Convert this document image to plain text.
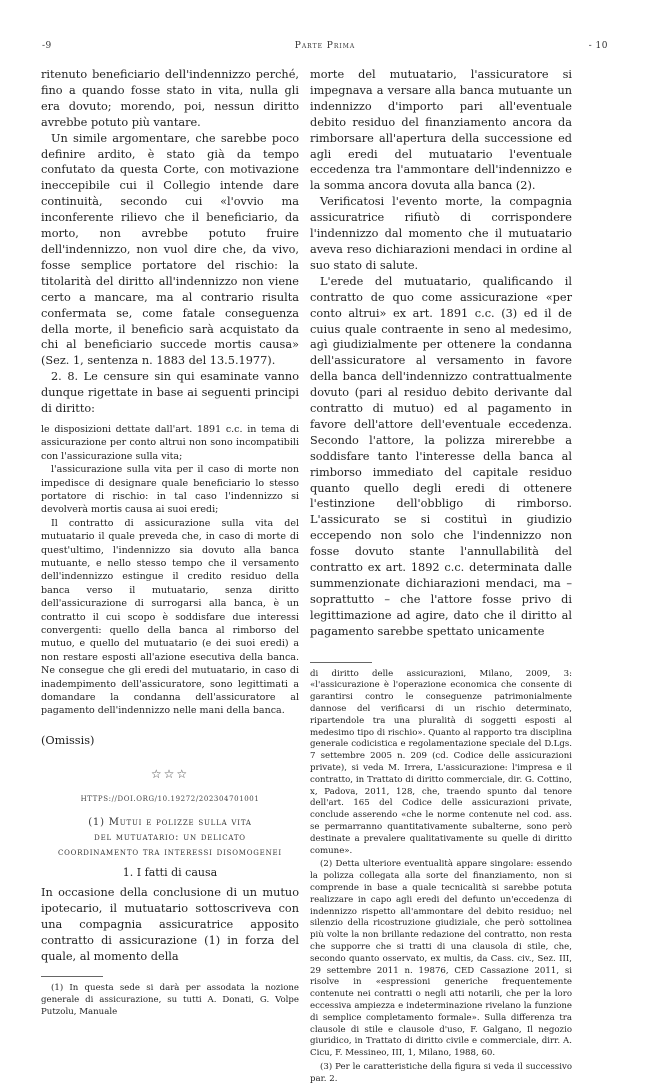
-9	Parte Prima	- 10

ritenuto beneficiario dell'indennizzo perché, fino a quando fosse stato in vita, nulla gli era dovuto; morendo, poi, nessun diritto avrebbe potuto più vantare.

Un simile argomentare, che sarebbe poco definire ardito, è stato già da tempo confutato da questa Corte, con motivazione ineccepibile cui il Collegio intende dare continuità, secondo cui «l'ovvio ma inconferente rilievo che il beneficiario, da morto, non avrebbe potuto fruire dell'indennizzo, non vuol dire che, da vivo, fosse semplice portatore del rischio: la titolarità del diritto all'indennizzo non viene certo a mancare, ma al contrario risulta confermata se, come fatale conseguenza della morte, il beneficio sarà acquistato da chi al beneficiario succede mortis causa» (Sez. 1, sentenza n. 1883 del 13.5.1977).

2. 8. Le censure sin qui esaminate vanno dunque rigettate in base ai seguenti principi di diritto:

le disposizioni dettate dall'art. 1891 c.c. in tema di assicurazione per conto altrui non sono incompatibili con l'assicurazione sulla vita;

l'assicurazione sulla vita per il caso di morte non impedisce di designare quale beneficiario lo stesso portatore di rischio: in tal caso l'indennizzo si devolverà mortis causa ai suoi eredi;

Il contratto di assicurazione sulla vita del mutuatario il quale preveda che, in caso di morte di quest'ultimo, l'indennizzo sia dovuto alla banca mutuante, e nello stesso tempo che il versamento dell'indennizzo estingue il credito residuo della banca verso il mutuatario, senza diritto dell'assicurazione di surrogarsi alla banca, è un contratto il cui scopo è soddisfare due interessi convergenti: quello della banca al rimborso del mutuo, e quello del mutuatario (e dei suoi eredi) a non restare esposti all'azione esecutiva della banca. Ne consegue che gli eredi del mutuatario, in caso di inadempimento dell'assicuratore, sono legittimati a domandare la condanna dell'assicuratore al pagamento dell'indennizzo nelle mani della banca.

(Omissis)
☆☆☆
HTTPS://DOI.ORG/10.19272/202304701001
(1) Mutui e polizze sulla vita
del mutuatario: un delicato
coordinamento tra interessi disomogenei
1. I fatti di causa

In occasione della conclusione di un mutuo ipotecario, il mutuatario sottoscriveva con una compagnia assicuratrice apposito contratto di assicurazione (1) in forza del quale, al momento della

(1) In questa sede si darà per assodata la nozione generale di assicurazione, su tutti A. Donati, G. Volpe Putzolu, Manuale

morte del mutuatario, l'assicuratore si impegnava a versare alla banca mutuante un indennizzo d'importo pari all'eventuale debito residuo del finanziamento ancora da rimborsare all'apertura della successione ed agli eredi del mutuatario l'eventuale eccedenza tra l'ammontare dell'indennizzo e la somma ancora dovuta alla banca (2).

Verificatosi l'evento morte, la compagnia assicuratrice rifiutò di corrispondere l'indennizzo dal momento che il mutuatario aveva reso dichiarazioni mendaci in ordine al suo stato di salute.

L'erede del mutuatario, qualificando il contratto de quo come assicurazione «per conto altrui» ex art. 1891 c.c. (3) ed il de cuius quale contraente in seno al medesimo, agì giudizialmente per ottenere la condanna dell'assicuratore al versamento in favore della banca dell'indennizzo contrattualmente dovuto (pari al residuo debito derivante dal contratto di mutuo) ed al pagamento in favore dell'attore dell'eventuale eccedenza. Secondo l'attore, la polizza mirerebbe a soddisfare tanto l'interesse della banca al rimborso immediato del capitale residuo quanto quello degli eredi di ottenere l'estinzione dell'obbligo di rimborso. L'assicurato se si costituì in giudizio eccependo non solo che l'indennizzo non fosse dovuto stante l'annullabilità del contratto ex art. 1892 c.c. determinata dalle summenzionate dichiarazioni mendaci, ma – soprattutto – che l'attore fosse privo di legittimazione ad agire, dato che il diritto al pagamento sarebbe spettato unicamente

di diritto delle assicurazioni, Milano, 2009, 3: «l'assicurazione è l'operazione economica che consente di garantirsi contro le conseguenze patrimonialmente dannose del verificarsi di un rischio determinato, ripartendole tra una pluralità di soggetti esposti al medesimo tipo di rischio». Quanto al rapporto tra disciplina generale codicistica e regolamentazione speciale del D.Lgs. 7 settembre 2005 n. 209 (cd. Codice delle assicurazioni private), si veda M. Irrera, L'assicurazione: l'impresa e il contratto, in Trattato di diritto commerciale, dir. G. Cottino, x, Padova, 2011, 128, che, traendo spunto dal tenore dell'art. 165 del Codice delle assicurazioni private, conclude asserendo «che le norme contenute nel cod. ass. se permarranno quantitativamente subalterne, sono però destinate a prevalere qualitativamente su quelle di diritto comune».

(2) Detta ulteriore eventualità appare singolare: essendo la polizza collegata alla sorte del finanziamento, non si comprende in base a quale tecnicalità si sarebbe potuta realizzare in capo agli eredi del defunto un'eccedenza di indennizzo rispetto all'ammontare del debito residuo; nel silenzio della ricostruzione giudiziale, che però sottolinea più volte la non brillante redazione del contratto, non resta che supporre che si tratti di una clausola di stile, che, secondo quanto osservato, ex multis, da Cass. civ., Sez. III, 29 settembre 2011 n. 19876, CED Cassazione 2011, si risolve in «espressioni generiche frequentemente contenute nei contratti o negli atti notarili, che per la loro eccessiva ampiezza e indeterminazione rivelano la funzione di semplice completamento formale». Sulla differenza tra clausole di stile e clausole d'uso, F. Galgano, Il negozio giuridico, in Trattato di diritto civile e commerciale, dirr. A. Cicu, F. Messineo, III, 1, Milano, 1988, 60.

(3) Per le caratteristiche della figura si veda il successivo par. 2.
